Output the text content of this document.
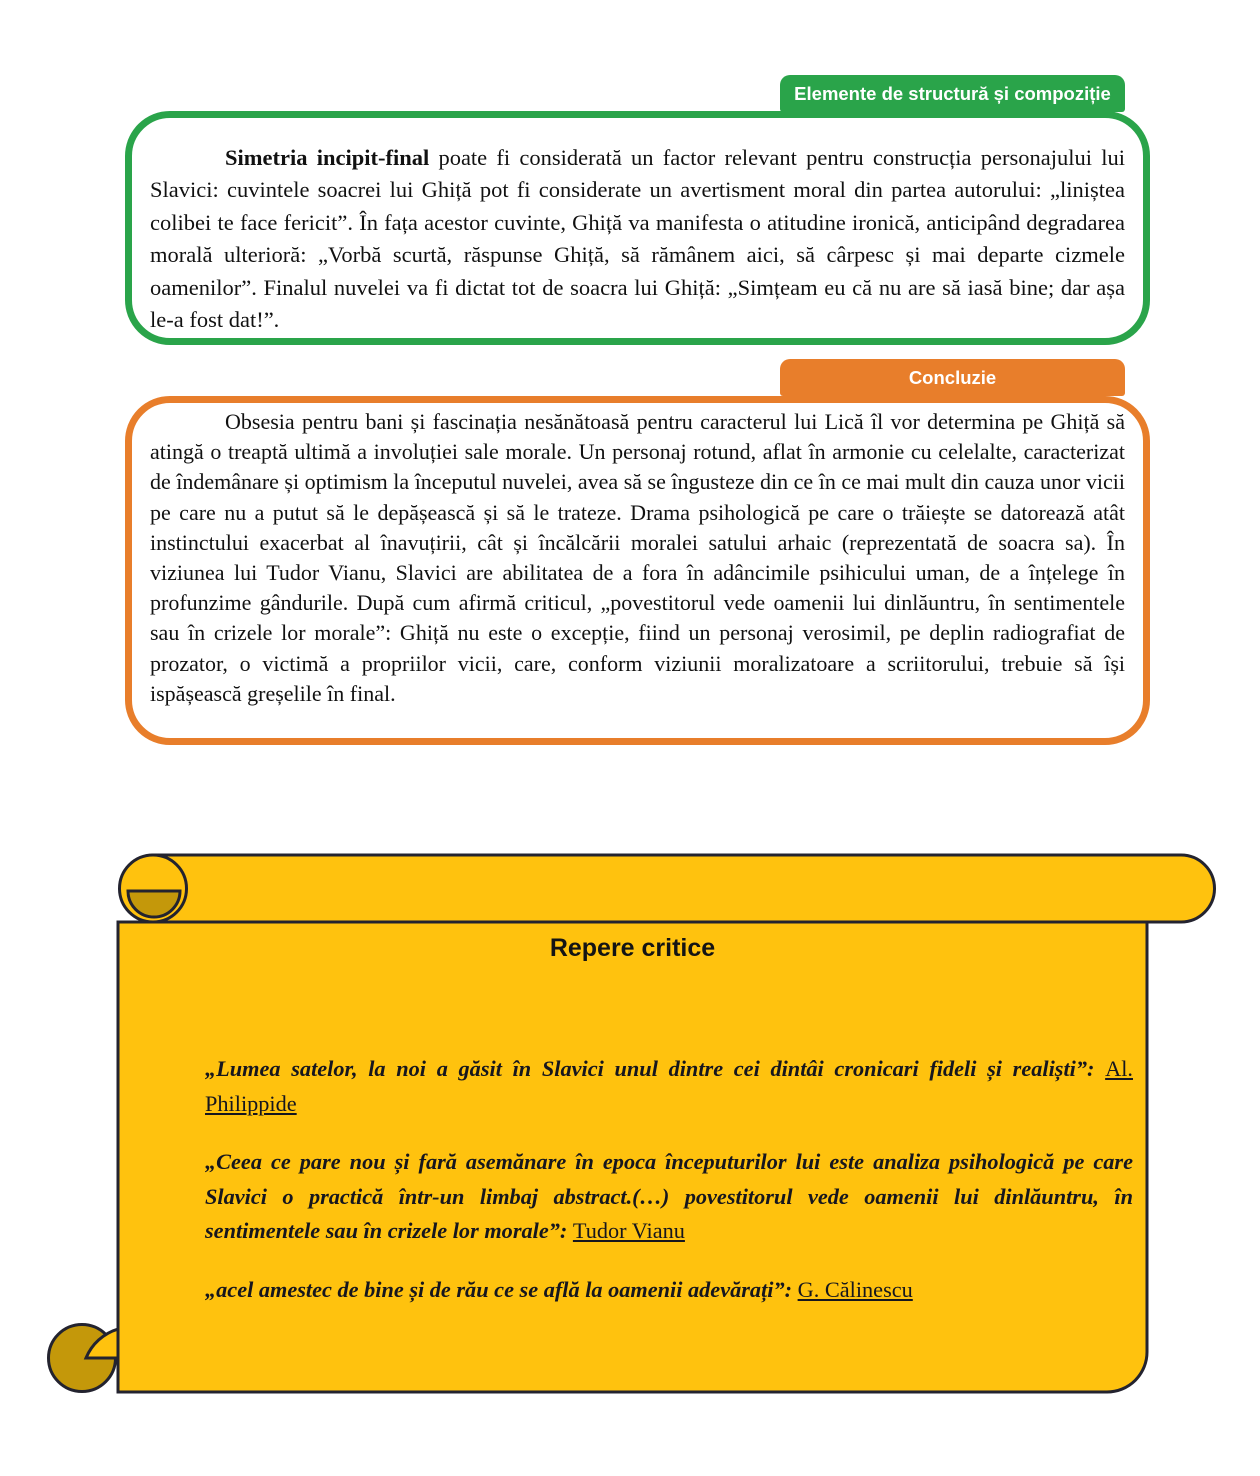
Elemente de structură și compoziție

Simetria incipit-final poate fi considerată un factor relevant pentru construcția personajului lui Slavici: cuvintele soacrei lui Ghiță pot fi considerate un avertisment moral din partea autorului: „liniștea colibei te face fericit”. În fața acestor cuvinte, Ghiță va manifesta o atitudine ironică, anticipând degradarea morală ulterioră: „Vorbă scurtă, răspunse Ghiță, să rămânem aici, să cârpesc și mai departe cizmele oamenilor”. Finalul nuvelei va fi dictat tot de soacra lui Ghiță: „Simțeam eu că nu are să iasă bine; dar așa le-a fost dat!”.

Concluzie

Obsesia pentru bani și fascinația nesănătoasă pentru caracterul lui Lică îl vor determina pe Ghiță să atingă o treaptă ultimă a involuției sale morale. Un personaj rotund, aflat în armonie cu celelalte, caracterizat de îndemânare și optimism la începutul nuvelei, avea să se îngusteze din ce în ce mai mult din cauza unor vicii pe care nu a putut să le depășească și să le trateze. Drama psihologică pe care o trăiește se datorează atât instinctului exacerbat al înavuțirii, cât și încălcării moralei satului arhaic (reprezentată de soacra sa). În viziunea lui Tudor Vianu, Slavici are abilitatea de a fora în adâncimile psihicului uman, de a înțelege în profunzime gândurile. După cum afirmă criticul, „povestitorul vede oamenii lui dinlăuntru, în sentimentele sau în crizele lor morale”: Ghiță nu este o excepție, fiind un personaj verosimil, pe deplin radiografiat de prozator, o victimă a propriilor vicii, care, conform viziunii moralizatoare a scriitorului, trebuie să își ispășească greșelile în final.

Repere critice

„Lumea satelor, la noi a găsit în Slavici unul dintre cei dintâi cronicari fideli și realiști”: Al. Philippide

„Ceea ce pare nou și fară asemănare în epoca începuturilor lui este analiza psihologică pe care Slavici o practică într-un limbaj abstract.(…) povestitorul vede oamenii lui dinlăuntru, în sentimentele sau în crizele lor morale”: Tudor Vianu

„acel amestec de bine și de rău ce se află la oamenii adevărați”: G. Călinescu
